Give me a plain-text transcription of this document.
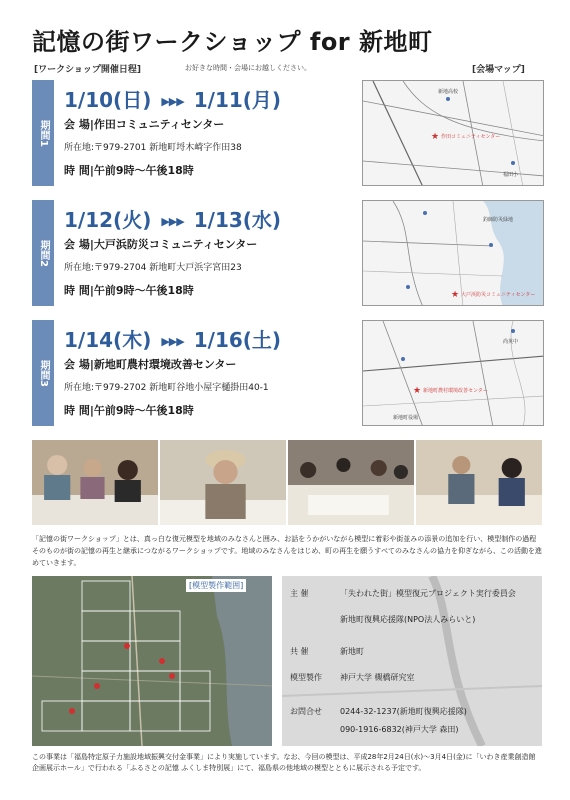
記憶の街ワークショップ for 新地町
[ワークショップ開催日程]	お好きな時間・会場にお越しください。	[会場マップ]
期間1
1/10(日) ▶▶▶ 1/11(月)
会 場|作田コミュニティセンター
所在地:〒979-2701 新地町埒木崎字作田38
時 間|午前9時〜午後18時
新地高校
福田小
★ 作田コミュニティセンター
期間2
1/12(火) ▶▶▶ 1/13(水)
会 場|大戸浜防災コミュニティセンター
所在地:〒979-2704 新地町大戸浜字宮田23
時 間|午前9時〜午後18時
釣師防災緑地
★ 大戸浜防災コミュニティセンター
期間3
1/14(木) ▶▶▶ 1/16(土)
会 場|新地町農村環境改善センター
所在地:〒979-2702 新地町谷地小屋字樋掛田40-1
時 間|午前9時〜午後18時
尚英中
新地町役場
★ 新地町農村環境改善センター
「記憶の街ワークショップ」とは、真っ白な復元模型を地域のみなさんと囲み、お話をうかがいながら模型に着彩や街並みの添景の追加を行い、模型制作の過程そのものが街の記憶の再生と継承につながるワークショップです。地域のみなさんをはじめ、町の再生を願うすべてのみなさんの協力を仰ぎながら、この活動を進めていきます。
[模型製作範囲]
主 催	「失われた街」模型復元プロジェクト実行委員会
新地町復興応援隊(NPO法人みらいと)
共 催	新地町
模型製作 神戸大学 槻橋研究室
お問合せ 0244-32-1237(新地町復興応援隊)
090-1916-6832(神戸大学 森田)
この事業は「福島特定原子力施設地域振興交付金事業」により実施しています。なお、今回の模型は、平成28年2月24日(水)〜3月4日(金)に「いわき産業創造館 企画展示ホール」で行われる「ふるさとの記憶 ふくしま特別展」にて、福島県の他地域の模型とともに展示される予定です。
